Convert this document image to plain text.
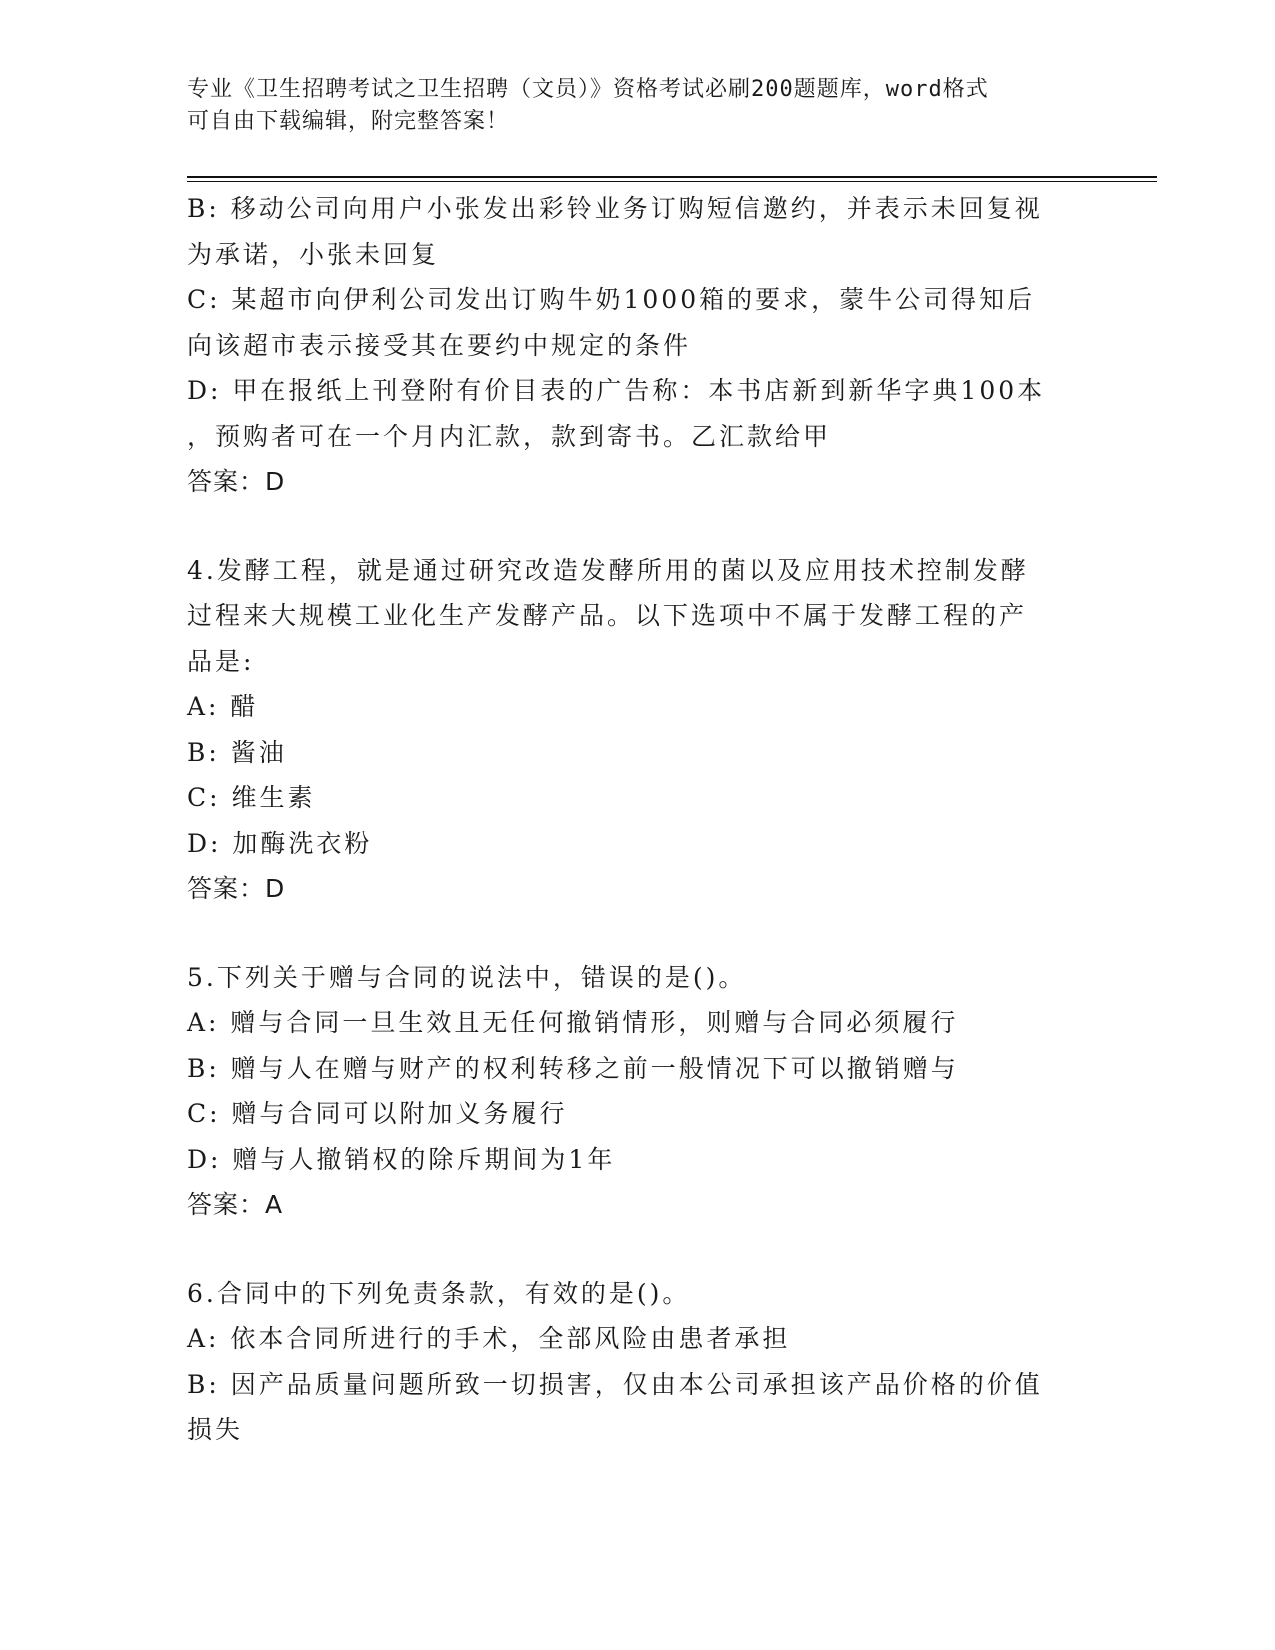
专业《卫生招聘考试之卫生招聘（文员）》资格考试必刷200题题库，word格式
可自由下载编辑，附完整答案！
B: 移动公司向用户小张发出彩铃业务订购短信邀约，并表示未回复视
为承诺，小张未回复
C: 某超市向伊利公司发出订购牛奶1000箱的要求，蒙牛公司得知后
向该超市表示接受其在要约中规定的条件
D: 甲在报纸上刊登附有价目表的广告称：本书店新到新华字典100本
，预购者可在一个月内汇款，款到寄书。乙汇款给甲
答案：D
4.发酵工程，就是通过研究改造发酵所用的菌以及应用技术控制发酵
过程来大规模工业化生产发酵产品。以下选项中不属于发酵工程的产
品是:
A: 醋
B: 酱油
C: 维生素
D: 加酶洗衣粉
答案：D
5.下列关于赠与合同的说法中，错误的是()。
A: 赠与合同一旦生效且无任何撤销情形，则赠与合同必须履行
B: 赠与人在赠与财产的权利转移之前一般情况下可以撤销赠与
C: 赠与合同可以附加义务履行
D: 赠与人撤销权的除斥期间为1年
答案：A
6.合同中的下列免责条款，有效的是()。
A: 依本合同所进行的手术，全部风险由患者承担
B: 因产品质量问题所致一切损害，仅由本公司承担该产品价格的价值
损失
